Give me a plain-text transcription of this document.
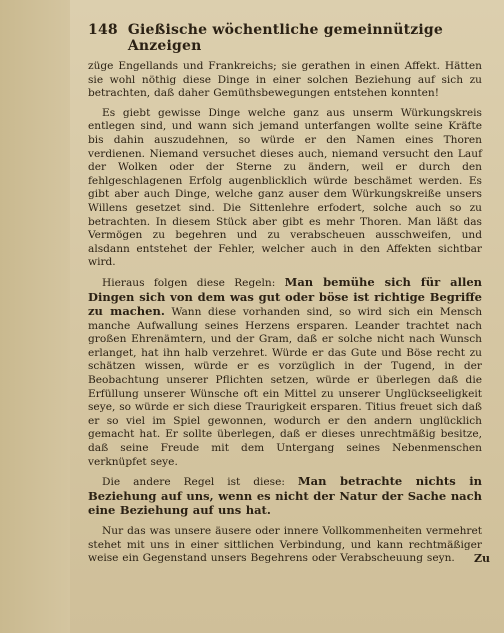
148 Gießische wöchentliche gemeinnützige Anzeigen

züge Engellands und Frankreichs; sie gerathen in einen Affekt. Hätten sie wohl nöthig diese Dinge in einer solchen Beziehung auf sich zu betrachten, daß daher Gemüthsbewegungen entstehen konnten!

Es giebt gewisse Dinge welche ganz aus unserm Würkungskreis entlegen sind, und wann sich jemand unterfangen wollte seine Kräfte bis dahin auszudehnen, so würde er den Namen eines Thoren verdienen. Niemand versuchet dieses auch, niemand versucht den Lauf der Wolken oder der Sterne zu ändern, weil er durch den fehlgeschlagenen Erfolg augenblicklich würde beschämet werden. Es gibt aber auch Dinge, welche ganz auser dem Würkungskreiße unsers Willens gesetzet sind. Die Sittenlehre erfodert, solche auch so zu betrachten. In diesem Stück aber gibt es mehr Thoren. Man läßt das Vermögen zu begehren und zu verabscheuen ausschweifen, und alsdann entstehet der Fehler, welcher auch in den Affekten sichtbar wird.

Hieraus folgen diese Regeln: Man bemühe sich für allen Dingen sich von dem was gut oder böse ist richtige Begriffe zu machen. Wann diese vorhanden sind, so wird sich ein Mensch manche Aufwallung seines Herzens ersparen. Leander trachtet nach großen Ehrenämtern, und der Gram, daß er solche nicht nach Wunsch erlanget, hat ihn halb verzehret. Würde er das Gute und Böse recht zu schätzen wissen, würde er es vorzüglich in der Tugend, in der Beobachtung unserer Pflichten setzen, würde er überlegen daß die Erfüllung unserer Wünsche oft ein Mittel zu unserer Unglückseeligkeit seye, so würde er sich diese Traurigkeit ersparen. Titius freuet sich daß er so viel im Spiel gewonnen, wodurch er den andern unglücklich gemacht hat. Er sollte überlegen, daß er dieses unrechtmäßig besitze, daß seine Freude mit dem Untergang seines Nebenmenschen verknüpfet seye.

Die andere Regel ist diese: Man betrachte nichts in Beziehung auf uns, wenn es nicht der Natur der Sache nach eine Beziehung auf uns hat.

Nur das was unsere äusere oder innere Vollkommenheiten vermehret stehet mit uns in einer sittlichen Verbindung, und kann rechtmäßiger weise ein Gegenstand unsers Begehrens oder Verabscheuung seyn.	Zu
